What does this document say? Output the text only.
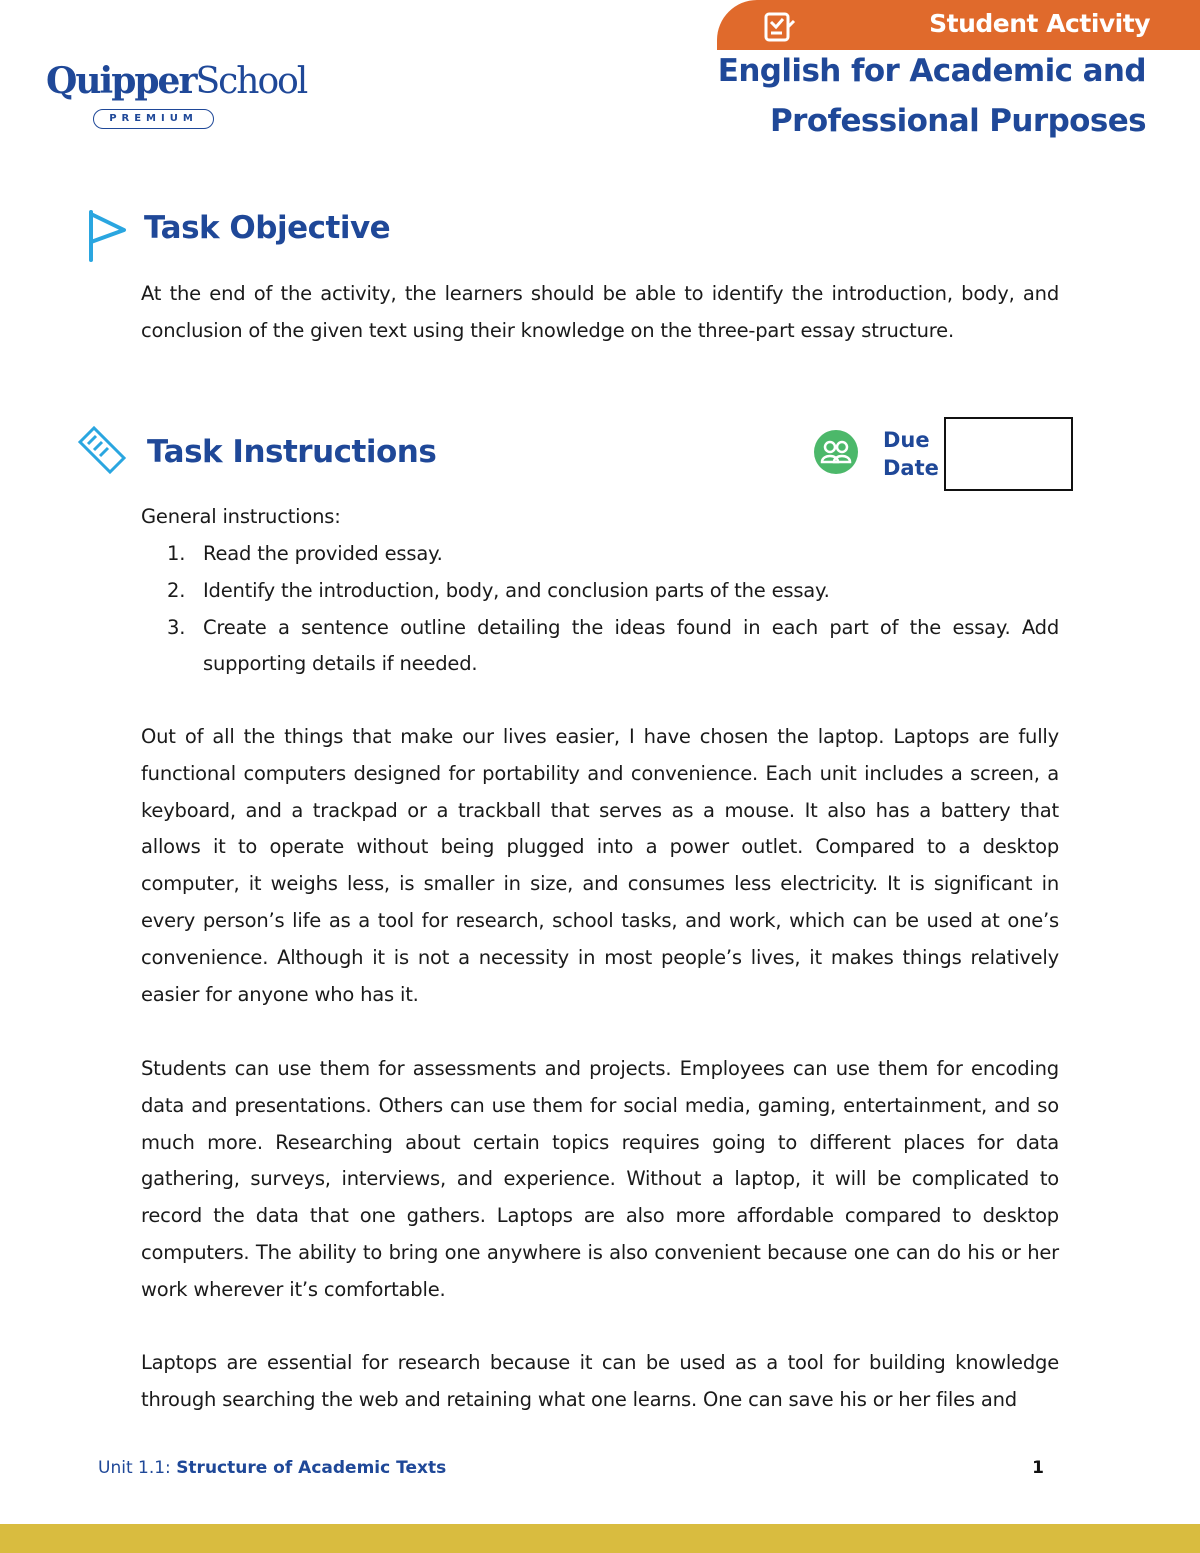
Student Activity
English for Academic and
Professional Purposes
QuipperSchool
PREMIUM
Task Objective
At the end of the activity, the learners should be able to identify the introduction, body, and conclusion of the given text using their knowledge on the three-part essay structure.
Task Instructions	Due
Date
General instructions:
1. Read the provided essay.
2. Identify the introduction, body, and conclusion parts of the essay.
3. Create a sentence outline detailing the ideas found in each part of the essay. Add supporting details if needed.
Out of all the things that make our lives easier, I have chosen the laptop. Laptops are fully functional computers designed for portability and convenience. Each unit includes a screen, a keyboard, and a trackpad or a trackball that serves as a mouse. It also has a battery that allows it to operate without being plugged into a power outlet. Compared to a desktop computer, it weighs less, is smaller in size, and consumes less electricity. It is significant in every person’s life as a tool for research, school tasks, and work, which can be used at one’s convenience. Although it is not a necessity in most people’s lives, it makes things relatively easier for anyone who has it.
Students can use them for assessments and projects. Employees can use them for encoding data and presentations. Others can use them for social media, gaming, entertainment, and so much more. Researching about certain topics requires going to different places for data gathering, surveys, interviews, and experience. Without a laptop, it will be complicated to record the data that one gathers. Laptops are also more affordable compared to desktop computers. The ability to bring one anywhere is also convenient because one can do his or her work wherever it’s comfortable.
Laptops are essential for research because it can be used as a tool for building knowledge through searching the web and retaining what one learns. One can save his or her files and
Unit 1.1: Structure of Academic Texts	1
